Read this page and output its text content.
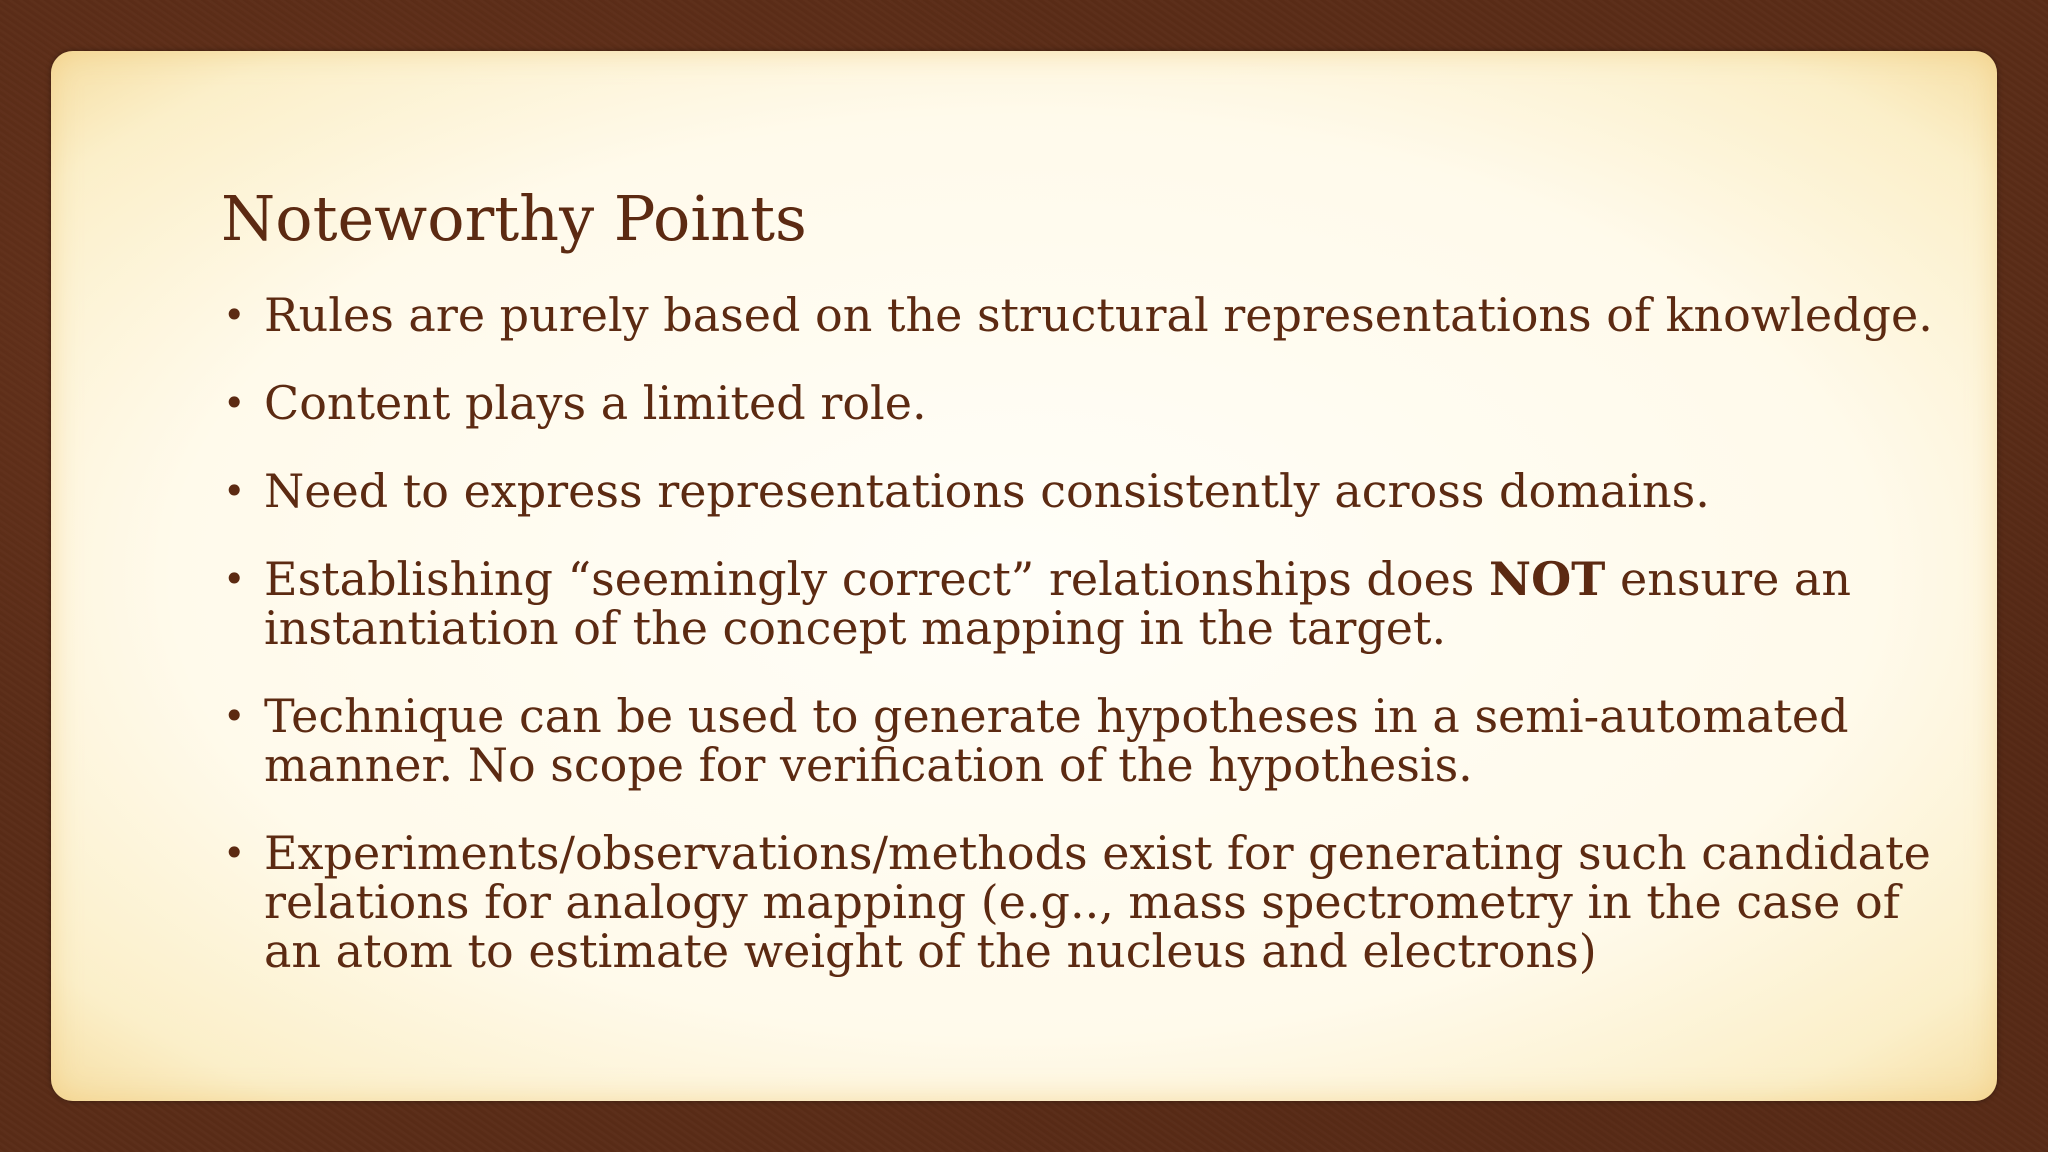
Noteworthy Points
• Rules are purely based on the structural representations of knowledge.
• Content plays a limited role.
• Need to express representations consistently across domains.
• Establishing “seemingly correct” relationships does NOT ensure an instantiation of the concept mapping in the target.
• Technique can be used to generate hypotheses in a semi-automated manner. No scope for verification of the hypothesis.
• Experiments/observations/methods exist for generating such candidate relations for analogy mapping (e.g.., mass spectrometry in the case of an atom to estimate weight of the nucleus and electrons)
